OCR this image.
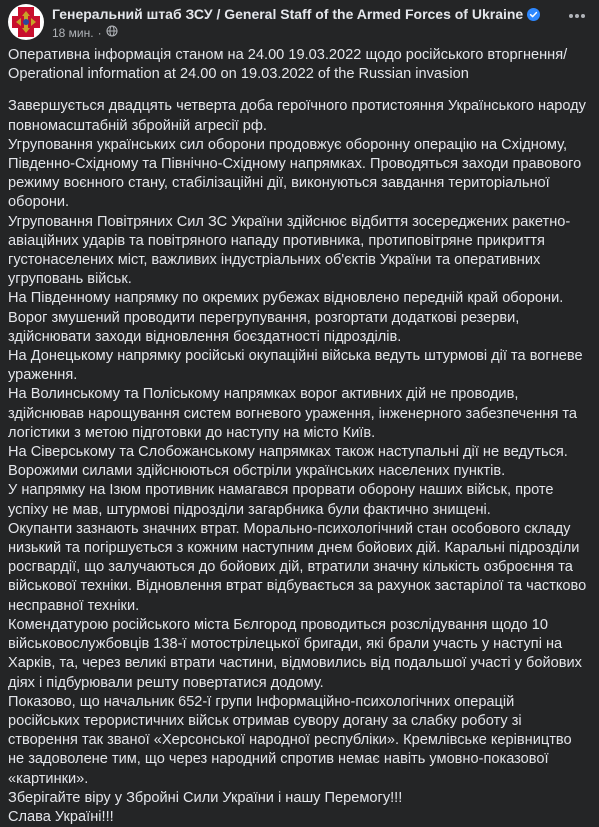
Генеральний штаб ЗСУ / General Staff of the Armed Forces of Ukraine
18 мин. ·

Оперативна інформація станом на 24.00 19.03.2022 щодо російського вторгнення/ Operational information at 24.00 on 19.03.2022 of the Russian invasion

Завершується двадцять четверта доба героїчного протистояння Українського народу повномасштабній збройній агресії рф.

Угруповання українських сил оборони продовжує оборонну операцію на Східному, Південно-Східному та Північно-Східному напрямках. Проводяться заходи правового режиму воєнного стану, стабілізаційні дії, виконуються завдання територіальної оборони.

Угруповання Повітряних Сил ЗС України здійснює відбиття зосереджених ракетно-авіаційних ударів та повітряного нападу противника, протиповітряне прикриття густонаселених міст, важливих індустріальних об'єктів України та оперативних угруповань військ.

На Південному напрямку по окремих рубежах відновлено передній край оборони. Ворог змушений проводити перегрупування, розгортати додаткові резерви, здійснювати заходи відновлення боєздатності підрозділів.

На Донецькому напрямку російські окупаційні війська ведуть штурмові дії та вогневе ураження.

На Волинському та Поліському напрямках ворог активних дій не проводив, здійснював нарощування систем вогневого ураження, інженерного забезпечення та логістики з метою підготовки до наступу на місто Київ.

На Сіверському та Слобожанському напрямках також наступальні дії не ведуться. Ворожими силами здійснюються обстріли українських населених пунктів.

У напрямку на Ізюм противник намагався прорвати оборону наших військ, проте успіху не мав, штурмові підрозділи загарбника були фактично знищені.

Окупанти зазнають значних втрат. Морально-психологічний стан особового складу низький та погіршується з кожним наступним днем бойових дій. Каральні підрозділи росгвардії, що залучаються до бойових дій, втратили значну кількість озброєння та військової техніки. Відновлення втрат відбувається за рахунок застарілої та частково несправної техніки.

Комендатурою російського міста Бєлгород проводиться розслідування щодо 10 військовослужбовців 138-ї мотострілецької бригади, які брали участь у наступі на Харків, та, через великі втрати частини, відмовились від подальшої участі у бойових діях і підбурювали решту повертатися додому.

Показово, що начальник 652-ї групи Інформаційно-психологічних операцій російських терористичних військ отримав сувору догану за слабку роботу зі створення так званої «Херсонської народної республіки». Кремлівське керівництво не задоволене тим, що через народний спротив немає навіть умовно-показової «картинки».

Зберігайте віру у Збройні Сили України і нашу Перемогу!!!

Слава Україні!!!
